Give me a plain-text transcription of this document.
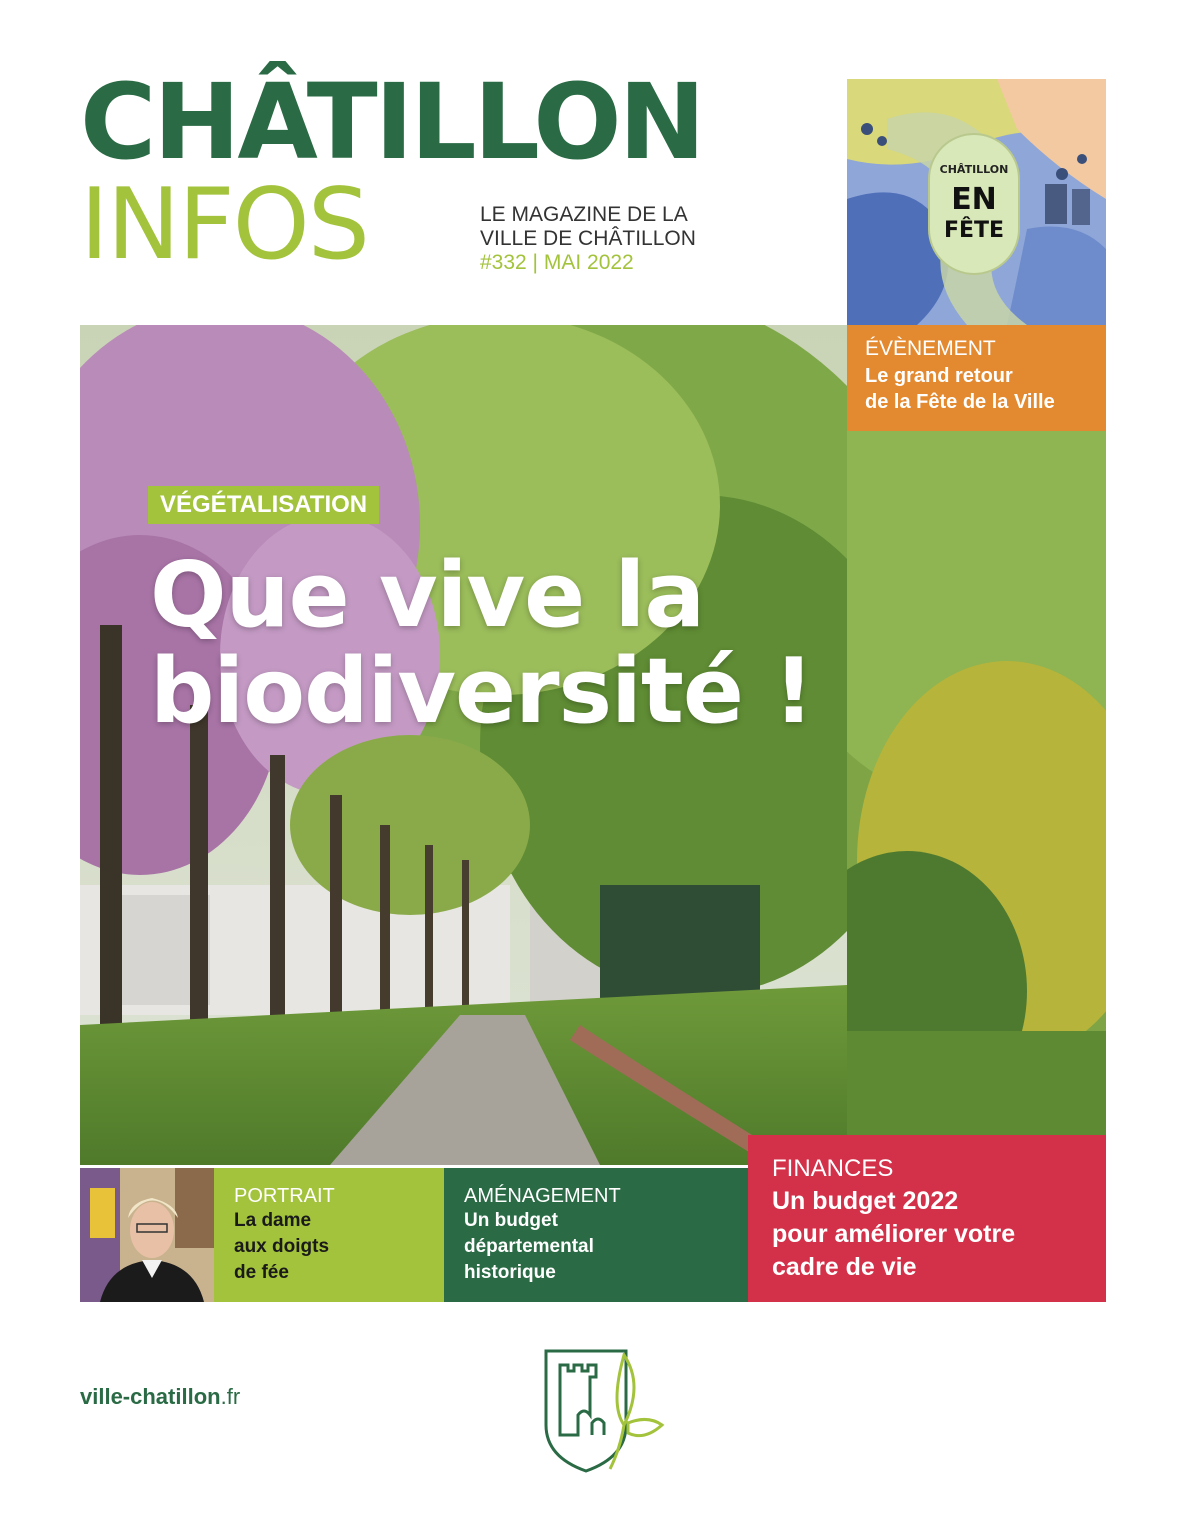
CHÂTILLON
INFOS	LE MAGAZINE DE LA
VILLE DE CHÂTILLON
#332 | MAI 2022
CHÂTILLON
EN
FÊTE
ÉVÈNEMENT
Le grand retour
de la Fête de la Ville
VÉGÉTALISATION
Que vive la
biodiversité !
PORTRAIT
La dame
aux doigts
de fée
AMÉNAGEMENT
Un budget
départemental
historique
FINANCES
Un budget 2022
pour améliorer votre
cadre de vie
ville-chatillon.fr
